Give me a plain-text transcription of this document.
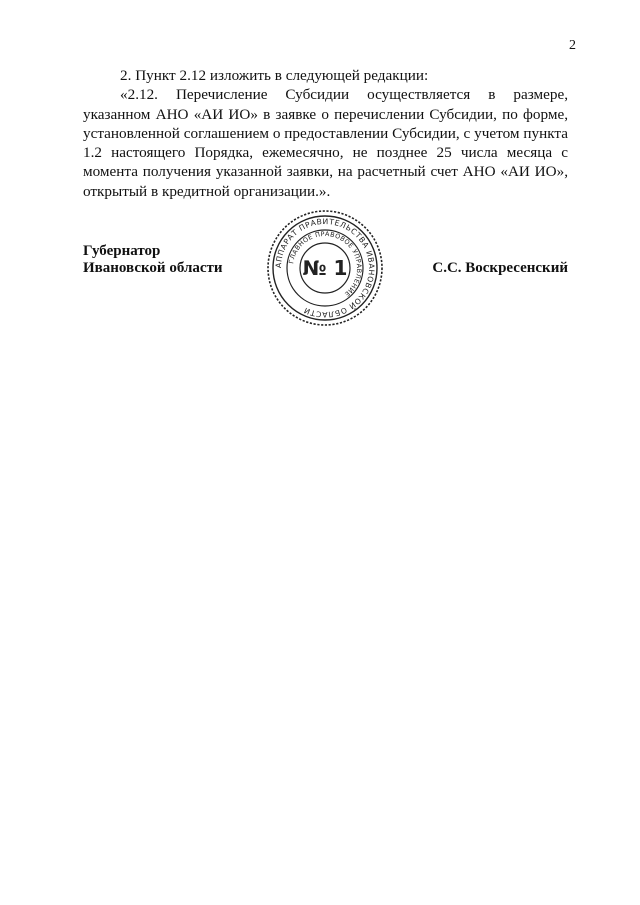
2

2. Пункт 2.12 изложить в следующей редакции:

«2.12. Перечисление Субсидии осуществляется в размере, указанном АНО «АИ ИО» в заявке о перечислении Субсидии, по форме, установленной соглашением о предоставлении Субсидии, с учетом пункта 1.2 настоящего Порядка, ежемесячно, не позднее 25 числа месяца с момента получения указанной заявки, на расчетный счет АНО «АИ ИО», открытый в кредитной организации.».

Губернатор
Ивановской области	АППАРАТ ПРАВИТЕЛЬСТВА ИВАНОВСКОЙ ОБЛАСТИ
ГЛАВНОЕ ПРАВОВОЕ УПРАВЛЕНИЕ
№ 1	С.С. Воскресенский
